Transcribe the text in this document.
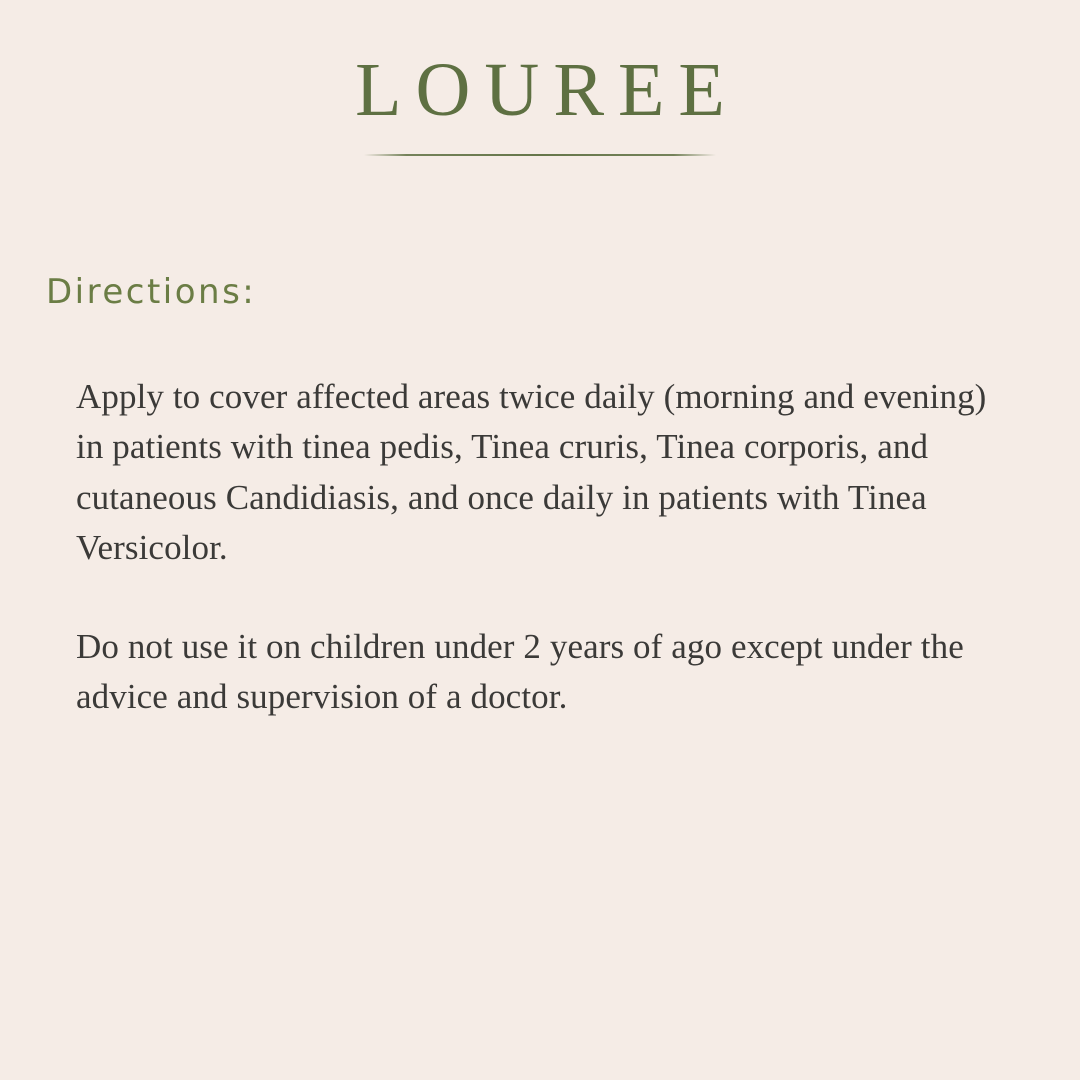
LOUREE
Directions:

Apply to cover affected areas twice daily (morning and evening) in patients with tinea pedis, Tinea cruris, Tinea corporis, and cutaneous Candidiasis, and once daily in patients with Tinea Versicolor.

Do not use it on children under 2 years of ago except under the advice and supervision of a doctor.
